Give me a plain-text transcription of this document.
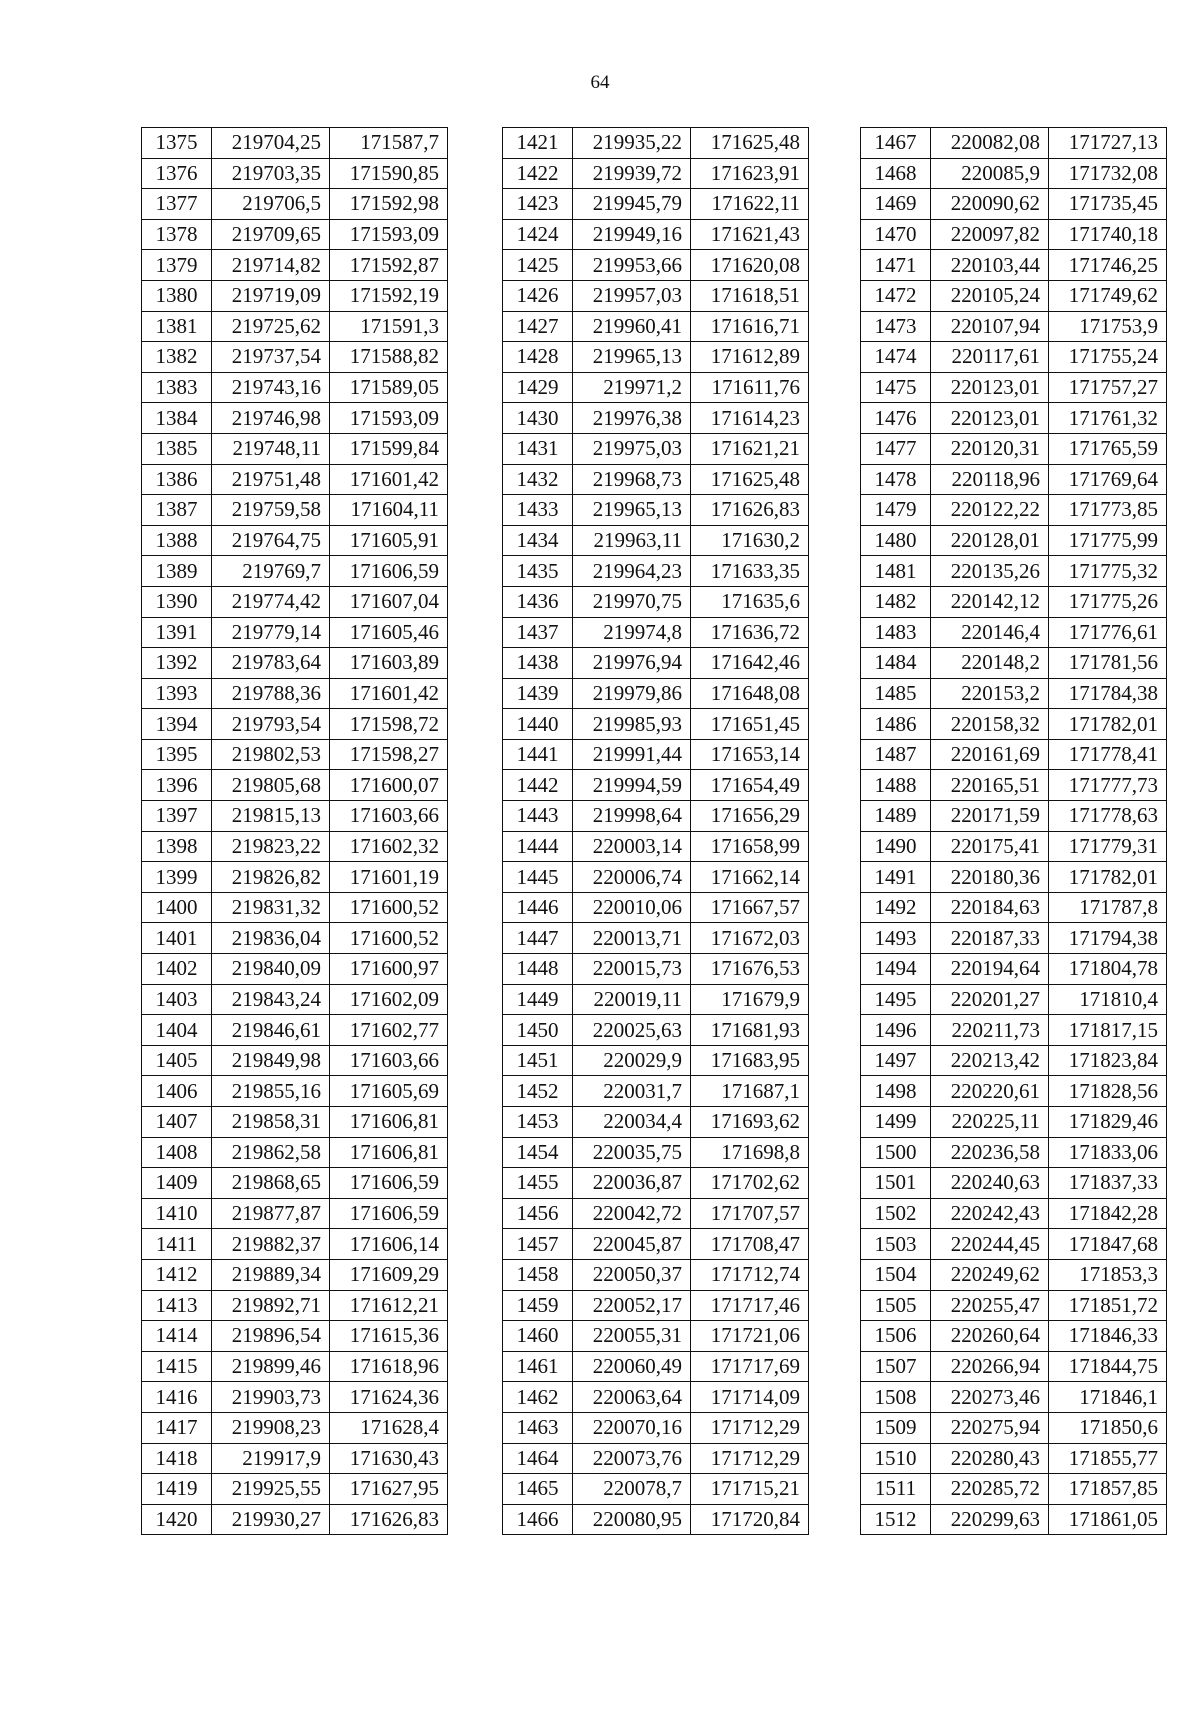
64
1375	219704,25	171587,7
1376	219703,35	171590,85
1377	219706,5	171592,98
1378	219709,65	171593,09
1379	219714,82	171592,87
1380	219719,09	171592,19
1381	219725,62	171591,3
1382	219737,54	171588,82
1383	219743,16	171589,05
1384	219746,98	171593,09
1385	219748,11	171599,84
1386	219751,48	171601,42
1387	219759,58	171604,11
1388	219764,75	171605,91
1389	219769,7	171606,59
1390	219774,42	171607,04
1391	219779,14	171605,46
1392	219783,64	171603,89
1393	219788,36	171601,42
1394	219793,54	171598,72
1395	219802,53	171598,27
1396	219805,68	171600,07
1397	219815,13	171603,66
1398	219823,22	171602,32
1399	219826,82	171601,19
1400	219831,32	171600,52
1401	219836,04	171600,52
1402	219840,09	171600,97
1403	219843,24	171602,09
1404	219846,61	171602,77
1405	219849,98	171603,66
1406	219855,16	171605,69
1407	219858,31	171606,81
1408	219862,58	171606,81
1409	219868,65	171606,59
1410	219877,87	171606,59
1411	219882,37	171606,14
1412	219889,34	171609,29
1413	219892,71	171612,21
1414	219896,54	171615,36
1415	219899,46	171618,96
1416	219903,73	171624,36
1417	219908,23	171628,4
1418	219917,9	171630,43
1419	219925,55	171627,95
1420	219930,27	171626,83
1421	219935,22	171625,48
1422	219939,72	171623,91
1423	219945,79	171622,11
1424	219949,16	171621,43
1425	219953,66	171620,08
1426	219957,03	171618,51
1427	219960,41	171616,71
1428	219965,13	171612,89
1429	219971,2	171611,76
1430	219976,38	171614,23
1431	219975,03	171621,21
1432	219968,73	171625,48
1433	219965,13	171626,83
1434	219963,11	171630,2
1435	219964,23	171633,35
1436	219970,75	171635,6
1437	219974,8	171636,72
1438	219976,94	171642,46
1439	219979,86	171648,08
1440	219985,93	171651,45
1441	219991,44	171653,14
1442	219994,59	171654,49
1443	219998,64	171656,29
1444	220003,14	171658,99
1445	220006,74	171662,14
1446	220010,06	171667,57
1447	220013,71	171672,03
1448	220015,73	171676,53
1449	220019,11	171679,9
1450	220025,63	171681,93
1451	220029,9	171683,95
1452	220031,7	171687,1
1453	220034,4	171693,62
1454	220035,75	171698,8
1455	220036,87	171702,62
1456	220042,72	171707,57
1457	220045,87	171708,47
1458	220050,37	171712,74
1459	220052,17	171717,46
1460	220055,31	171721,06
1461	220060,49	171717,69
1462	220063,64	171714,09
1463	220070,16	171712,29
1464	220073,76	171712,29
1465	220078,7	171715,21
1466	220080,95	171720,84
1467	220082,08	171727,13
1468	220085,9	171732,08
1469	220090,62	171735,45
1470	220097,82	171740,18
1471	220103,44	171746,25
1472	220105,24	171749,62
1473	220107,94	171753,9
1474	220117,61	171755,24
1475	220123,01	171757,27
1476	220123,01	171761,32
1477	220120,31	171765,59
1478	220118,96	171769,64
1479	220122,22	171773,85
1480	220128,01	171775,99
1481	220135,26	171775,32
1482	220142,12	171775,26
1483	220146,4	171776,61
1484	220148,2	171781,56
1485	220153,2	171784,38
1486	220158,32	171782,01
1487	220161,69	171778,41
1488	220165,51	171777,73
1489	220171,59	171778,63
1490	220175,41	171779,31
1491	220180,36	171782,01
1492	220184,63	171787,8
1493	220187,33	171794,38
1494	220194,64	171804,78
1495	220201,27	171810,4
1496	220211,73	171817,15
1497	220213,42	171823,84
1498	220220,61	171828,56
1499	220225,11	171829,46
1500	220236,58	171833,06
1501	220240,63	171837,33
1502	220242,43	171842,28
1503	220244,45	171847,68
1504	220249,62	171853,3
1505	220255,47	171851,72
1506	220260,64	171846,33
1507	220266,94	171844,75
1508	220273,46	171846,1
1509	220275,94	171850,6
1510	220280,43	171855,77
1511	220285,72	171857,85
1512	220299,63	171861,05
